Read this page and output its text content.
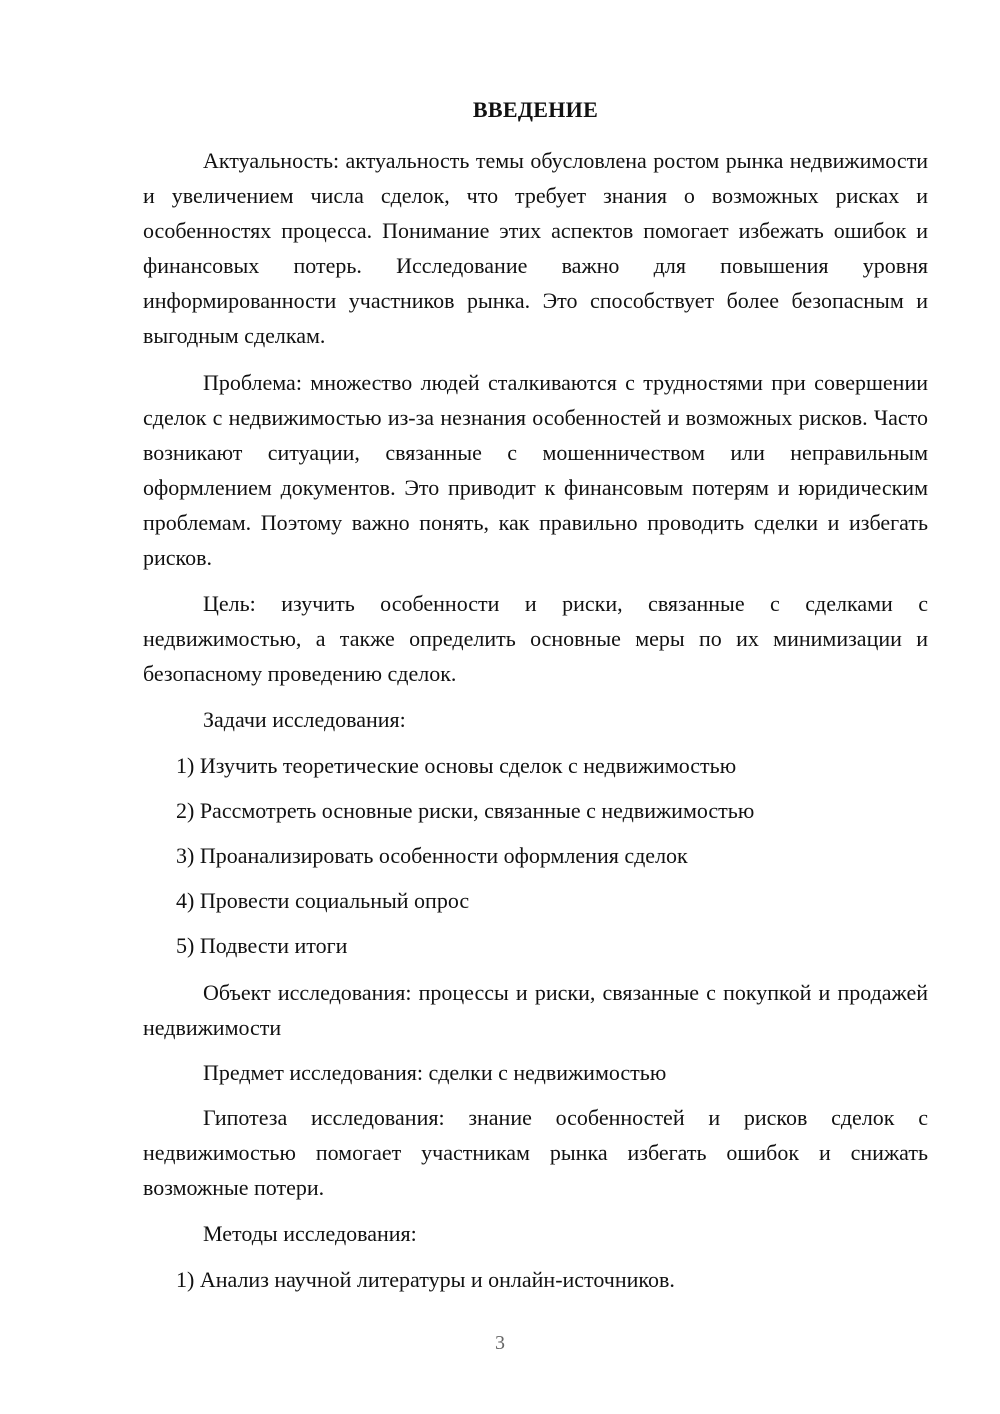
ВВЕДЕНИЕ

Актуальность: актуальность темы обусловлена ростом рынка недвижимости и увеличением числа сделок, что требует знания о возможных рисках и особенностях процесса. Понимание этих аспектов помогает избежать ошибок и финансовых потерь. Исследование важно для повышения уровня информированности участников рынка. Это способствует более безопасным и выгодным сделкам.

Проблема: множество людей сталкиваются с трудностями при совершении сделок с недвижимостью из-за незнания особенностей и возможных рисков. Часто возникают ситуации, связанные с мошенничеством или неправильным оформлением документов. Это приводит к финансовым потерям и юридическим проблемам. Поэтому важно понять, как правильно проводить сделки и избегать рисков.

Цель: изучить особенности и риски, связанные с сделками с недвижимостью, а также определить основные меры по их минимизации и безопасному проведению сделок.

Задачи исследования:

1) Изучить теоретические основы сделок с недвижимостью

2) Рассмотреть основные риски, связанные с недвижимостью

3) Проанализировать особенности оформления сделок

4) Провести социальный опрос

5) Подвести итоги

Объект исследования: процессы и риски, связанные с покупкой и продажей недвижимости

Предмет исследования: сделки с недвижимостью

Гипотеза исследования: знание особенностей и рисков сделок с недвижимостью помогает участникам рынка избегать ошибок и снижать возможные потери.

Методы исследования:

1) Анализ научной литературы и онлайн-источников.

3
